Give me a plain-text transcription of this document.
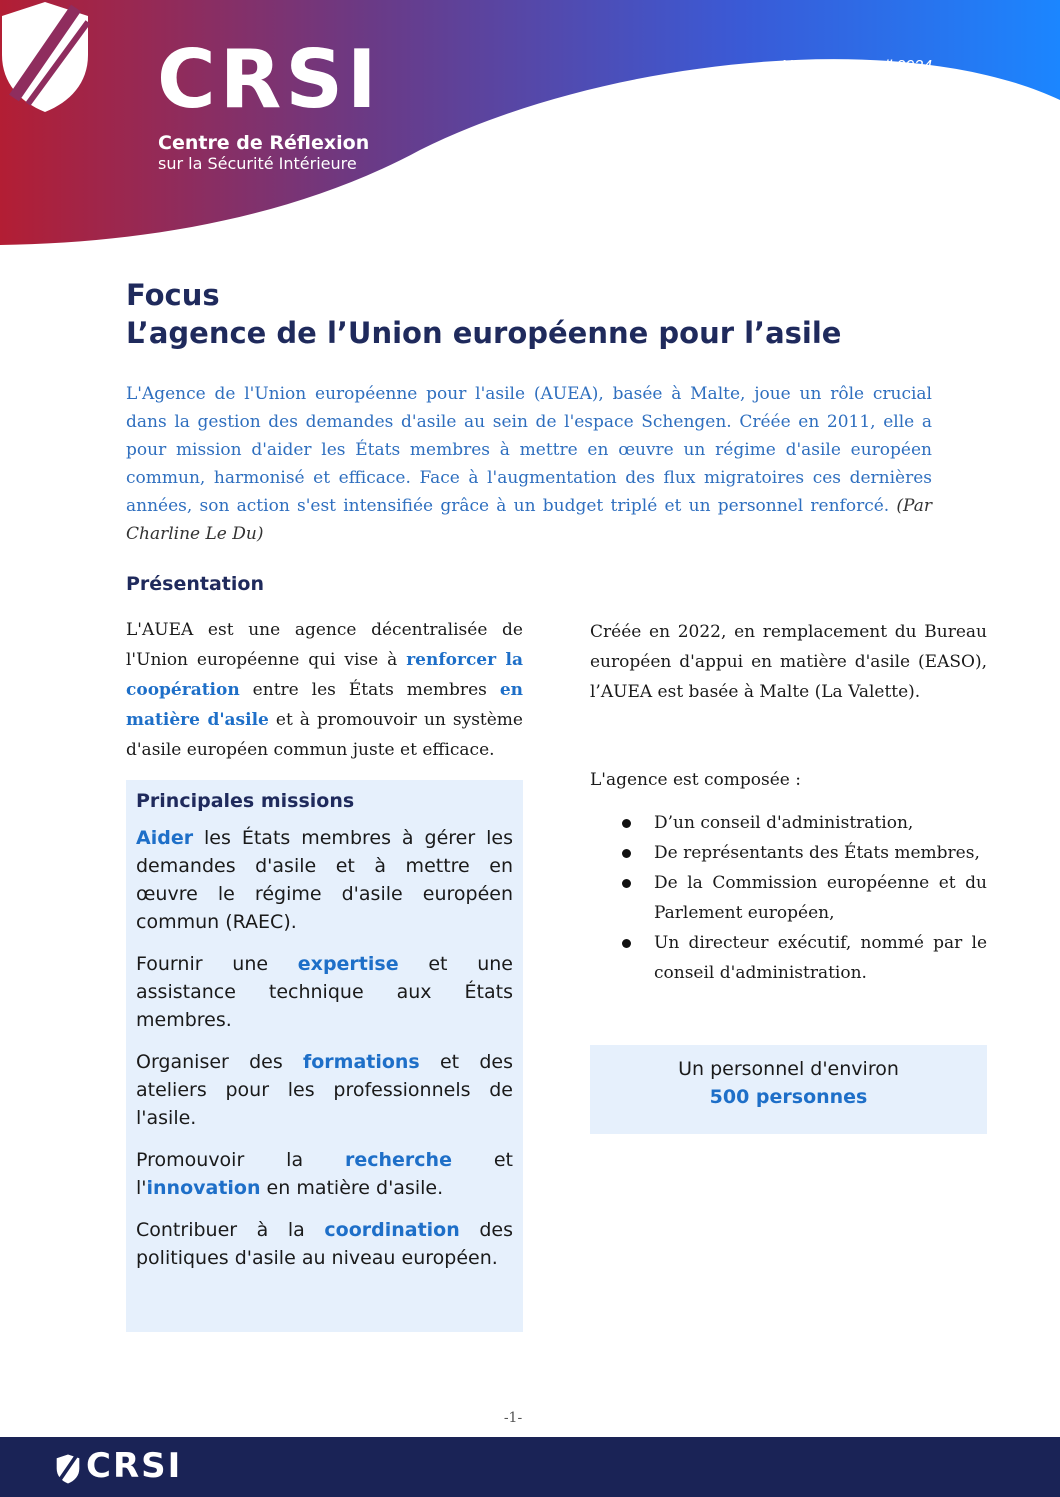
Note du 11 avril 2024
CRSI
Centre de Réflexion
sur la Sécurité Intérieure
Focus
L’agence de l’Union européenne pour l’asile
L'Agence de l'Union européenne pour l'asile (AUEA), basée à Malte, joue un rôle crucial dans la gestion des demandes d'asile au sein de l'espace Schengen. Créée en 2011, elle a pour mission d'aider les États membres à mettre en œuvre un régime d'asile européen commun, harmonisé et efficace. Face à l'augmentation des flux migratoires ces dernières années, son action s'est intensifiée grâce à un budget triplé et un personnel renforcé. (Par Charline Le Du)
Présentation
L'AUEA est une agence décentralisée de l'Union européenne qui vise à renforcer la coopération entre les États membres en matière d'asile et à promouvoir un système d'asile européen commun juste et efficace.
Principales missions
Aider les États membres à gérer les demandes d'asile et à mettre en œuvre le régime d'asile européen commun (RAEC).
Fournir une expertise et une assistance technique aux États membres.
Organiser des formations et des ateliers pour les professionnels de l'asile.
Promouvoir la recherche et l'innovation en matière d'asile.
Contribuer à la coordination des politiques d'asile au niveau européen.
Créée en 2022, en remplacement du Bureau européen d'appui en matière d'asile (EASO), l’AUEA est basée à Malte (La Valette).
L'agence est composée :
D’un conseil d'administration,
De représentants des États membres,
De la Commission européenne et du Parlement européen,
Un directeur exécutif, nommé par le conseil d'administration.
Un personnel d'environ
500 personnes
-1-
CRSI
